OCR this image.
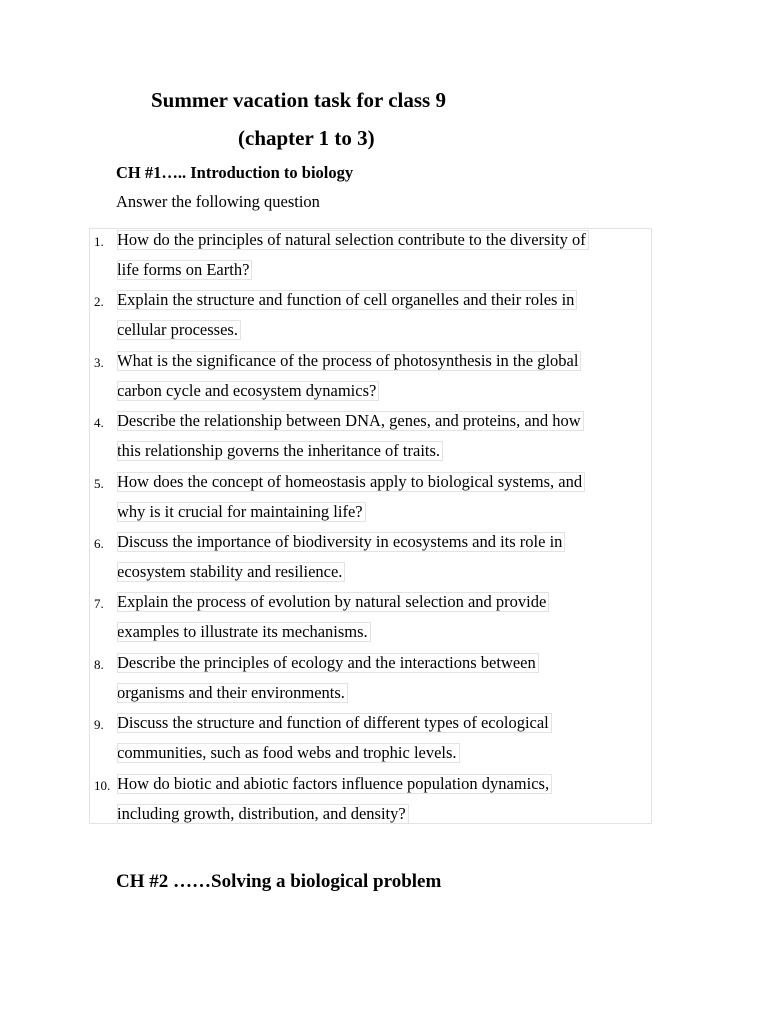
Summer vacation task for class 9
(chapter 1 to 3)
CH #1….. Introduction to biology
Answer the following question
1. How do the principles of natural selection contribute to the diversity of
life forms on Earth?
2. Explain the structure and function of cell organelles and their roles in
cellular processes.
3. What is the significance of the process of photosynthesis in the global
carbon cycle and ecosystem dynamics?
4. Describe the relationship between DNA, genes, and proteins, and how
this relationship governs the inheritance of traits.
5. How does the concept of homeostasis apply to biological systems, and
why is it crucial for maintaining life?
6. Discuss the importance of biodiversity in ecosystems and its role in
ecosystem stability and resilience.
7. Explain the process of evolution by natural selection and provide
examples to illustrate its mechanisms.
8. Describe the principles of ecology and the interactions between
organisms and their environments.
9. Discuss the structure and function of different types of ecological
communities, such as food webs and trophic levels.
10. How do biotic and abiotic factors influence population dynamics,
including growth, distribution, and density?
CH #2 ……Solving a biological problem
